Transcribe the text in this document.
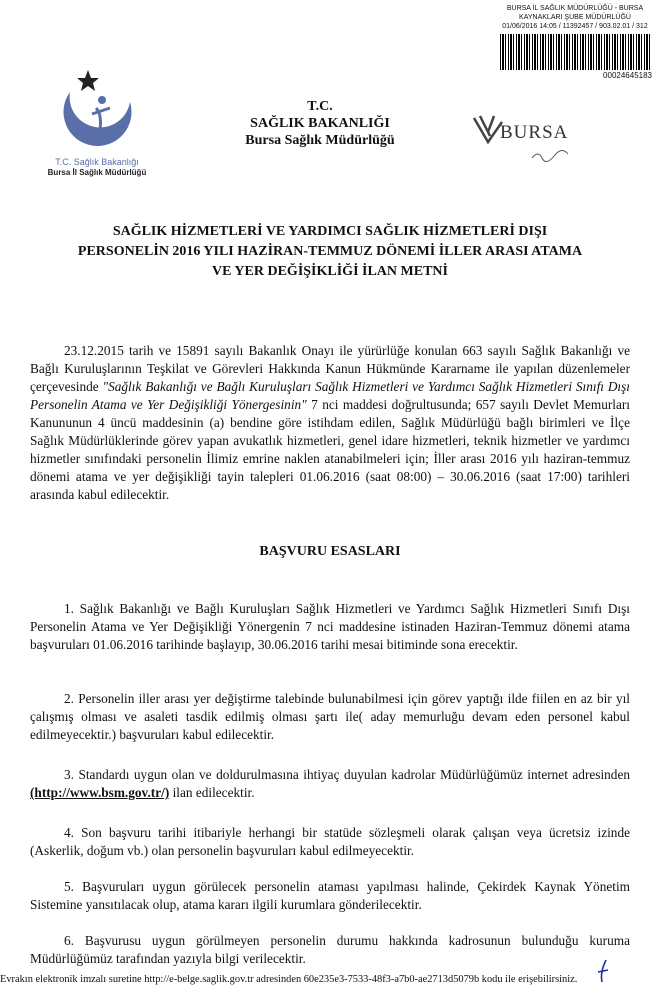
BURSA İL SAĞLIK MÜDÜRLÜĞÜ - BURSA
KAYNAKLARI ŞUBE MÜDÜRLÜĞÜ
01/06/2016 14:05 / 11392457 / 903.02.01 / 312
00024645183
T.C. Sağlık Bakanlığı
Bursa İl Sağlık Müdürlüğü
T.C.
SAĞLIK BAKANLIĞI
Bursa Sağlık Müdürlüğü	BURSA
SAĞLIK HİZMETLERİ VE YARDIMCI SAĞLIK HİZMETLERİ DIŞI
PERSONELİN 2016 YILI HAZİRAN-TEMMUZ DÖNEMİ İLLER ARASI ATAMA
VE YER DEĞİŞİKLİĞİ İLAN METNİ
23.12.2015 tarih ve 15891 sayılı Bakanlık Onayı ile yürürlüğe konulan 663 sayılı Sağlık Bakanlığı ve Bağlı Kuruluşlarının Teşkilat ve Görevleri Hakkında Kanun Hükmünde Kararname ile yapılan düzenlemeler çerçevesinde "Sağlık Bakanlığı ve Bağlı Kuruluşları Sağlık Hizmetleri ve Yardımcı Sağlık Hizmetleri Sınıfı Dışı Personelin Atama ve Yer Değişikliği Yönergesinin" 7 nci maddesi doğrultusunda; 657 sayılı Devlet Memurları Kanununun 4 üncü maddesinin (a) bendine göre istihdam edilen, Sağlık Müdürlüğü bağlı birimleri ve İlçe Sağlık Müdürlüklerinde görev yapan avukatlık hizmetleri, genel idare hizmetleri, teknik hizmetler ve yardımcı hizmetler sınıfındaki personelin İlimiz emrine naklen atanabilmeleri için; İller arası 2016 yılı haziran-temmuz dönemi atama ve yer değişikliği tayin talepleri 01.06.2016 (saat 08:00) – 30.06.2016 (saat 17:00) tarihleri arasında kabul edilecektir.
BAŞVURU ESASLARI
1. Sağlık Bakanlığı ve Bağlı Kuruluşları Sağlık Hizmetleri ve Yardımcı Sağlık Hizmetleri Sınıfı Dışı Personelin Atama ve Yer Değişikliği Yönergenin 7 nci maddesine istinaden Haziran-Temmuz dönemi atama başvuruları 01.06.2016 tarihinde başlayıp, 30.06.2016 tarihi mesai bitiminde sona erecektir.
2. Personelin iller arası yer değiştirme talebinde bulunabilmesi için görev yaptığı ilde fiilen en az bir yıl çalışmış olması ve asaleti tasdik edilmiş olması şartı ile( aday memurluğu devam eden personel kabul edilmeyecektir.) başvuruları kabul edilecektir.
3. Standardı uygun olan ve doldurulmasına ihtiyaç duyulan kadrolar Müdürlüğümüz internet adresinden (http://www.bsm.gov.tr/) ilan edilecektir.
4. Son başvuru tarihi itibariyle herhangi bir statüde sözleşmeli olarak çalışan veya ücretsiz izinde (Askerlik, doğum vb.) olan personelin başvuruları kabul edilmeyecektir.
5. Başvuruları uygun görülecek personelin ataması yapılması halinde, Çekirdek Kaynak Yönetim Sistemine yansıtılacak olup, atama kararı ilgili kurumlara gönderilecektir.
6. Başvurusu uygun görülmeyen personelin durumu hakkında kadrosunun bulunduğu kuruma Müdürlüğümüz tarafından yazıyla bilgi verilecektir.
Evrakın elektronik imzalı suretine http://e-belge.saglik.gov.tr adresinden 60e235e3-7533-48f3-a7b0-ae2713d5079b kodu ile erişebilirsiniz.
